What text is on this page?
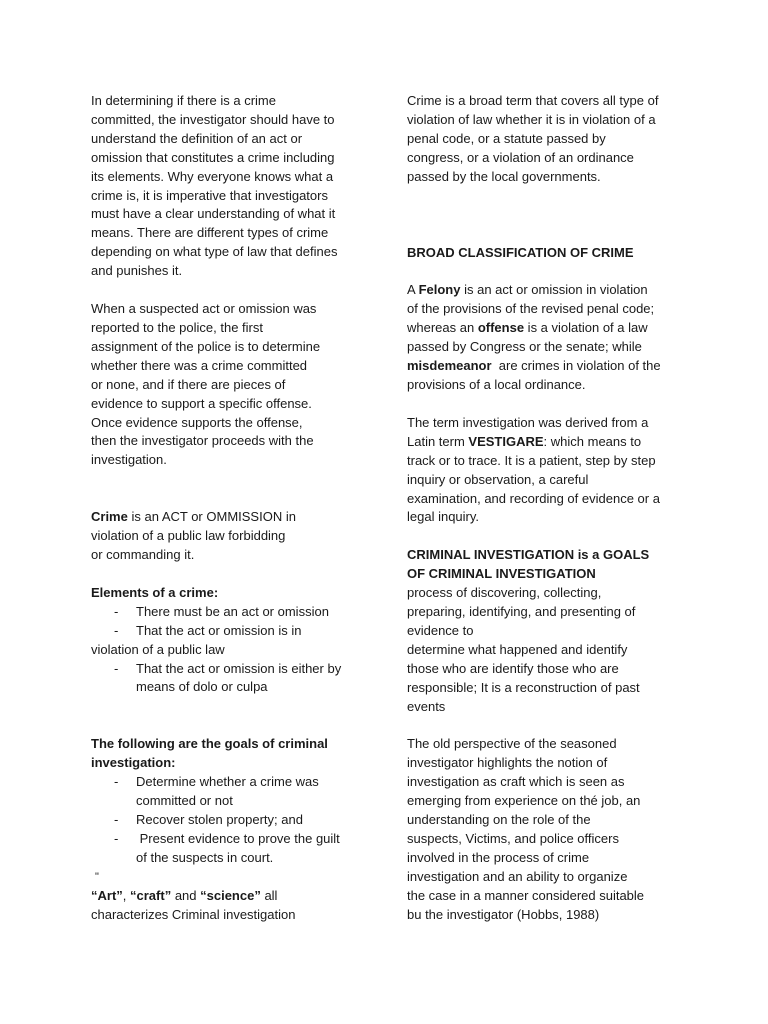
In determining if there is a crime
committed, the investigator should have to
understand the definition of an act or
omission that constitutes a crime including
its elements. Why everyone knows what a
crime is, it is imperative that investigators
must have a clear understanding of what it
means. There are different types of crime
depending on what type of law that defines
and punishes it.

When a suspected act or omission was
reported to the police, the first
assignment of the police is to determine
whether there was a crime committed
or none, and if there are pieces of
evidence to support a specific offense.
Once evidence supports the offense,
then the investigator proceeds with the
investigation.

Crime is an ACT or OMMISSION in
violation of a public law forbidding
or commanding it.

Elements of a crime:

- There must be an act or omission
- That the act or omission is in

violation of a public law

- That the act or omission is either by
means of dolo or culpa

The following are the goals of criminal
investigation:

- Determine whether a crime was
committed or not
- Recover stolen property; and
-  Present evidence to prove the guilt
of the suspects in court.

"

“Art”, “craft” and “science” all
characterizes Criminal investigation

Crime is a broad term that covers all type of
violation of law whether it is in violation of a
penal code, or a statute passed by
congress, or a violation of an ordinance
passed by the local governments.

BROAD CLASSIFICATION OF CRIME

A Felony is an act or omission in violation
of the provisions of the revised penal code;
whereas an offense is a violation of a law
passed by Congress or the senate; while
misdemeanor  are crimes in violation of the
provisions of a local ordinance.

The term investigation was derived from a
Latin term VESTIGARE: which means to
track or to trace. It is a patient, step by step
inquiry or observation, a careful
examination, and recording of evidence or a
legal inquiry.

CRIMINAL INVESTIGATION is a GOALS
OF CRIMINAL INVESTIGATION

process of discovering, collecting,
preparing, identifying, and presenting of
evidence to
determine what happened and identify
those who are identify those who are
responsible; It is a reconstruction of past
events

The old perspective of the seasoned
investigator highlights the notion of
investigation as craft which is seen as
emerging from experience on thé job, an
understanding on the role of the
suspects, Victims, and police officers
involved in the process of crime
investigation and an ability to organize
the case in a manner considered suitable
bu the investigator (Hobbs, 1988)
